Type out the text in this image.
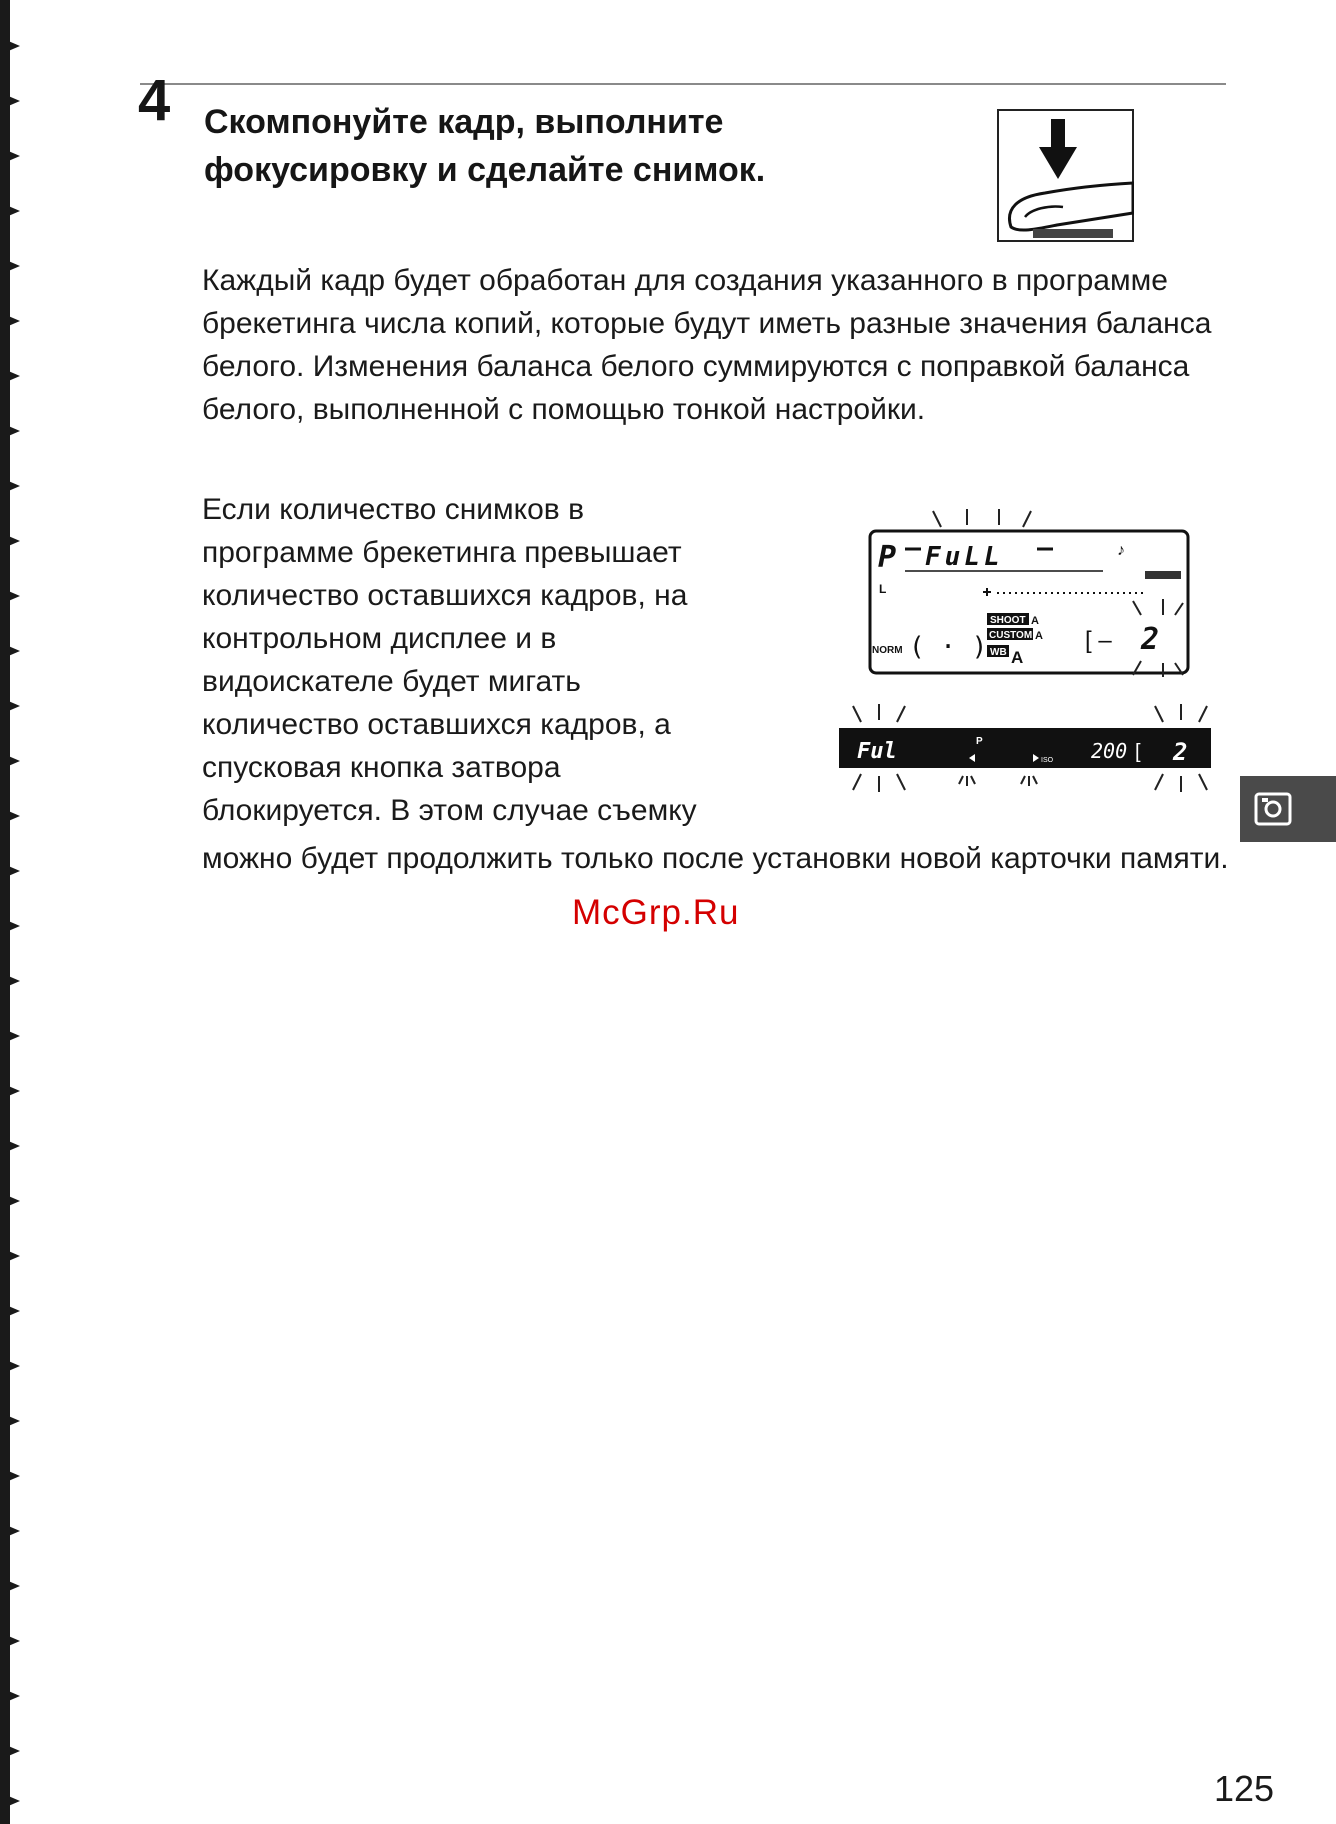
4 Скомпонуйте кадр, выполните фокусировку и сделайте снимок.

Каждый кадр будет обработан для создания указанного в программе брекетинга числа копий, которые будут иметь разные значения баланса белого. Изменения баланса белого суммируются с поправкой баланса белого, выполненной с помощью тонкой настройки.

Если количество снимков в
программе брекетинга превышает
количество оставшихся кадров, на
контрольном дисплее и в
видоискателе будет мигать
количество оставшихся кадров, а
спусковая кнопка затвора
блокируется. В этом случае съемку

можно будет продолжить только после установки новой карточки памяти.

P FuLL	♪
L
NORM ( · )
SHOOT A
CUSTOM A
WB A
[ – 2
Ful	P
ISO 200 [ 2
McGrp.Ru
125
